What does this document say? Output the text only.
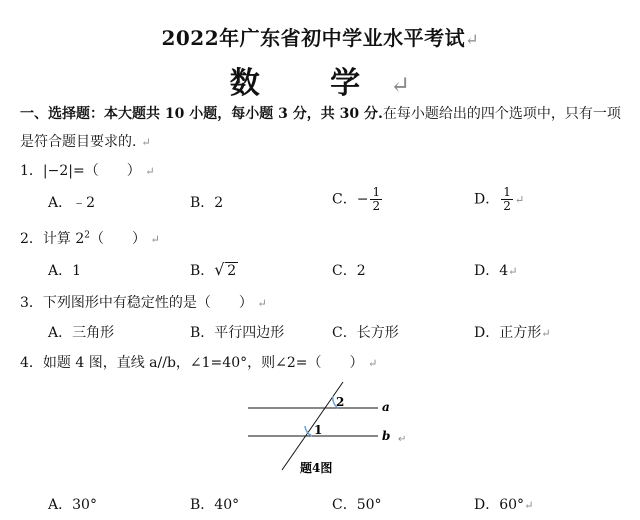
2022年广东省初中学业水平考试↵
数 学↵
一、选择题：本大题共 10 小题，每小题 3 分，共 30 分.在每小题给出的四个选项中，只有一项是符合题目要求的. ↵
1．|−2|=（　　） ↵
A．﹣2	B．2	C．− $\frac{1}{2}$	D． $\frac{1}{2}$ ↵
2．计算 $2^2$（　　） ↵
A．1	B． √ 2	C．2	D．4↵
3．下列图形中有稳定性的是（　　） ↵
A．三角形	B．平行四边形	C．长方形	D．正方形↵
4．如题 4 图，直线 a//b，∠1=40°，则∠2=（　　） ↵
2
1
a
b
题4图
↵
A．30°	B．40°	C．50°	D．60°↵
